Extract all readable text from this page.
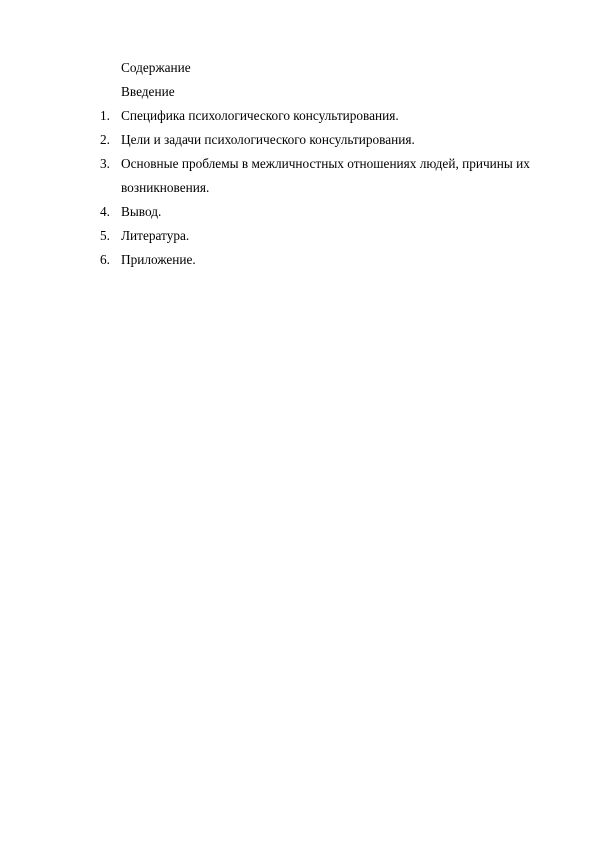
Содержание
Введение
1. Специфика психологического консультирования.
2. Цели и задачи психологического консультирования.
3. Основные проблемы в межличностных отношениях людей, причины их возникновения.
4. Вывод.
5. Литература.
6. Приложение.
